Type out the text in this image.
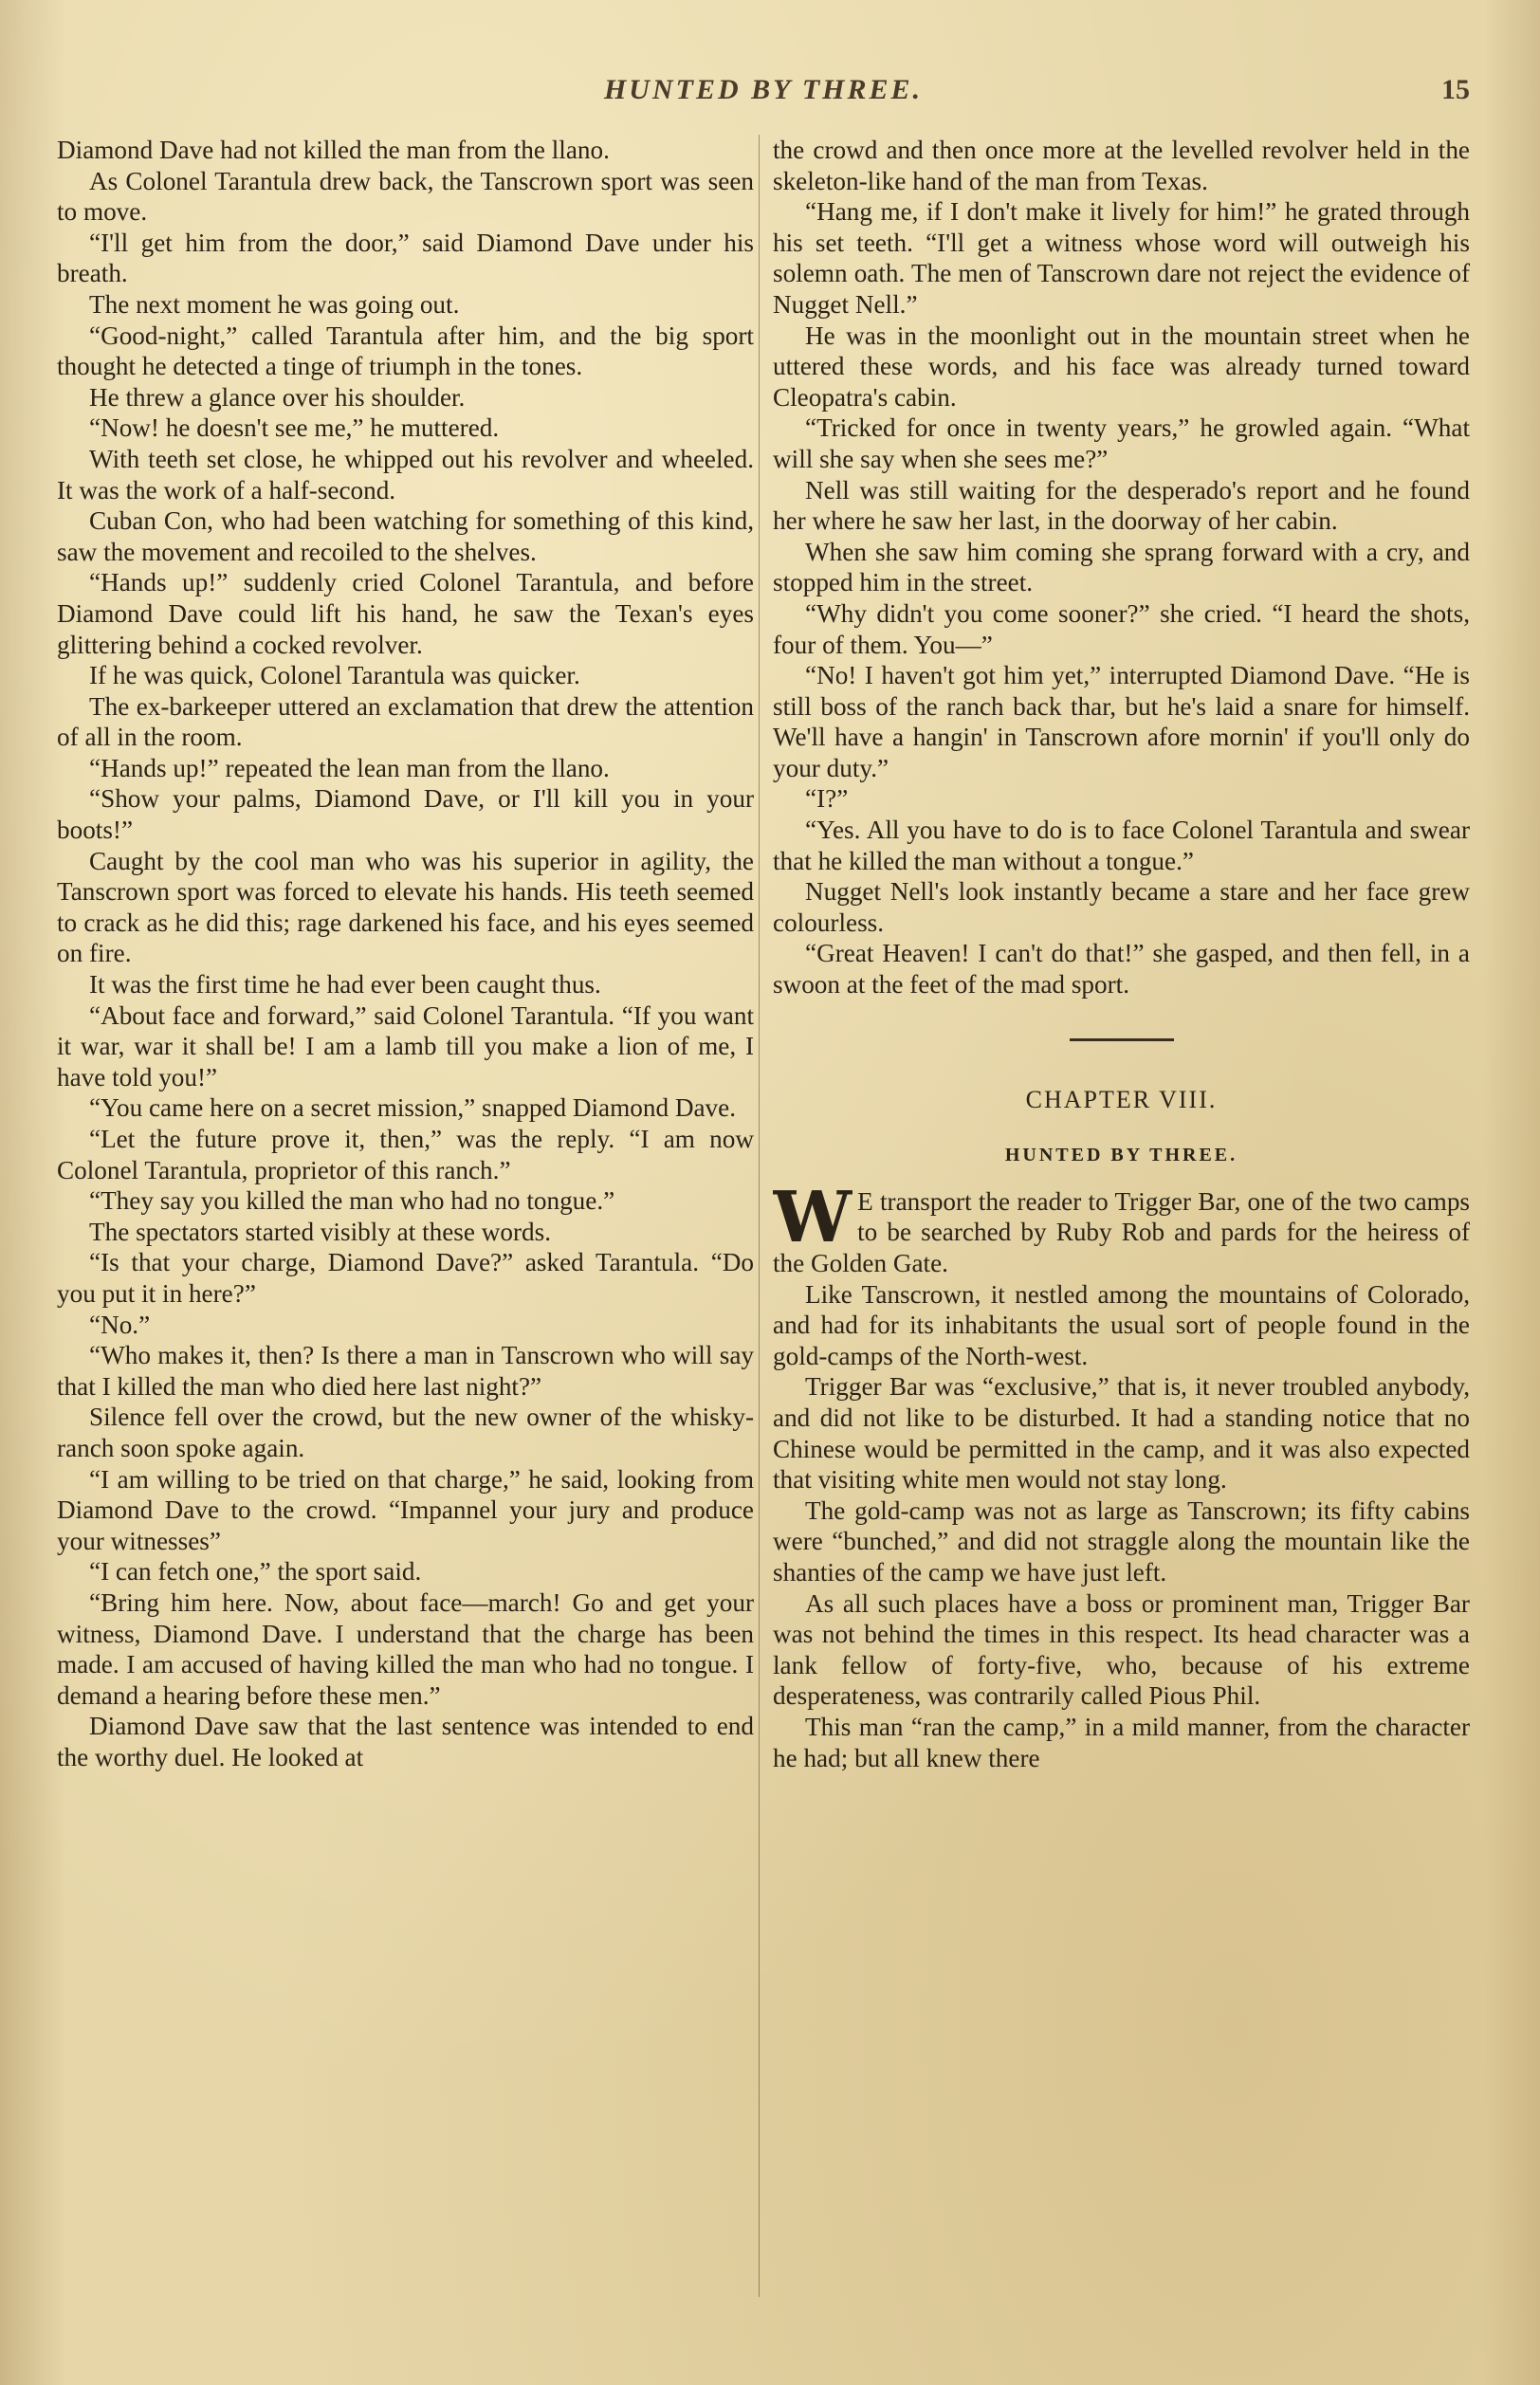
HUNTED BY THREE.	15

Diamond Dave had not killed the man from the llano.

As Colonel Tarantula drew back, the Tanscrown sport was seen to move.

“I'll get him from the door,” said Diamond Dave under his breath.

The next moment he was going out.

“Good-night,” called Tarantula after him, and the big sport thought he detected a tinge of triumph in the tones.

He threw a glance over his shoulder.

“Now! he doesn't see me,” he muttered.

With teeth set close, he whipped out his revolver and wheeled. It was the work of a half-second.

Cuban Con, who had been watching for something of this kind, saw the movement and recoiled to the shelves.

“Hands up!” suddenly cried Colonel Tarantula, and before Diamond Dave could lift his hand, he saw the Texan's eyes glittering behind a cocked revolver.

If he was quick, Colonel Tarantula was quicker.

The ex-barkeeper uttered an exclamation that drew the attention of all in the room.

“Hands up!” repeated the lean man from the llano.

“Show your palms, Diamond Dave, or I'll kill you in your boots!”

Caught by the cool man who was his superior in agility, the Tanscrown sport was forced to elevate his hands. His teeth seemed to crack as he did this; rage darkened his face, and his eyes seemed on fire.

It was the first time he had ever been caught thus.

“About face and forward,” said Colonel Tarantula. “If you want it war, war it shall be! I am a lamb till you make a lion of me, I have told you!”

“You came here on a secret mission,” snapped Diamond Dave.

“Let the future prove it, then,” was the reply. “I am now Colonel Tarantula, proprietor of this ranch.”

“They say you killed the man who had no tongue.”

The spectators started visibly at these words.

“Is that your charge, Diamond Dave?” asked Tarantula. “Do you put it in here?”

“No.”

“Who makes it, then? Is there a man in Tanscrown who will say that I killed the man who died here last night?”

Silence fell over the crowd, but the new owner of the whisky-ranch soon spoke again.

“I am willing to be tried on that charge,” he said, looking from Diamond Dave to the crowd. “Impannel your jury and produce your witnesses”

“I can fetch one,” the sport said.

“Bring him here. Now, about face—march! Go and get your witness, Diamond Dave. I understand that the charge has been made. I am accused of having killed the man who had no tongue. I demand a hearing before these men.”

Diamond Dave saw that the last sentence was intended to end the worthy duel. He looked at

the crowd and then once more at the levelled revolver held in the skeleton-like hand of the man from Texas.

“Hang me, if I don't make it lively for him!” he grated through his set teeth. “I'll get a witness whose word will outweigh his solemn oath. The men of Tanscrown dare not reject the evidence of Nugget Nell.”

He was in the moonlight out in the mountain street when he uttered these words, and his face was already turned toward Cleopatra's cabin.

“Tricked for once in twenty years,” he growled again. “What will she say when she sees me?”

Nell was still waiting for the desperado's report and he found her where he saw her last, in the doorway of her cabin.

When she saw him coming she sprang forward with a cry, and stopped him in the street.

“Why didn't you come sooner?” she cried. “I heard the shots, four of them. You—”

“No! I haven't got him yet,” interrupted Diamond Dave. “He is still boss of the ranch back thar, but he's laid a snare for himself. We'll have a hangin' in Tanscrown afore mornin' if you'll only do your duty.”

“I?”

“Yes. All you have to do is to face Colonel Tarantula and swear that he killed the man without a tongue.”

Nugget Nell's look instantly became a stare and her face grew colourless.

“Great Heaven! I can't do that!” she gasped, and then fell, in a swoon at the feet of the mad sport.

CHAPTER VIII.
HUNTED BY THREE.

W E transport the reader to Trigger Bar, one of the two camps to be searched by Ruby Rob and pards for the heiress of the Golden Gate.

Like Tanscrown, it nestled among the mountains of Colorado, and had for its inhabitants the usual sort of people found in the gold-camps of the North-west.

Trigger Bar was “exclusive,” that is, it never troubled anybody, and did not like to be disturbed. It had a standing notice that no Chinese would be permitted in the camp, and it was also expected that visiting white men would not stay long.

The gold-camp was not as large as Tanscrown; its fifty cabins were “bunched,” and did not straggle along the mountain like the shanties of the camp we have just left.

As all such places have a boss or prominent man, Trigger Bar was not behind the times in this respect. Its head character was a lank fellow of forty-five, who, because of his extreme desperateness, was contrarily called Pious Phil.

This man “ran the camp,” in a mild manner, from the character he had; but all knew there
